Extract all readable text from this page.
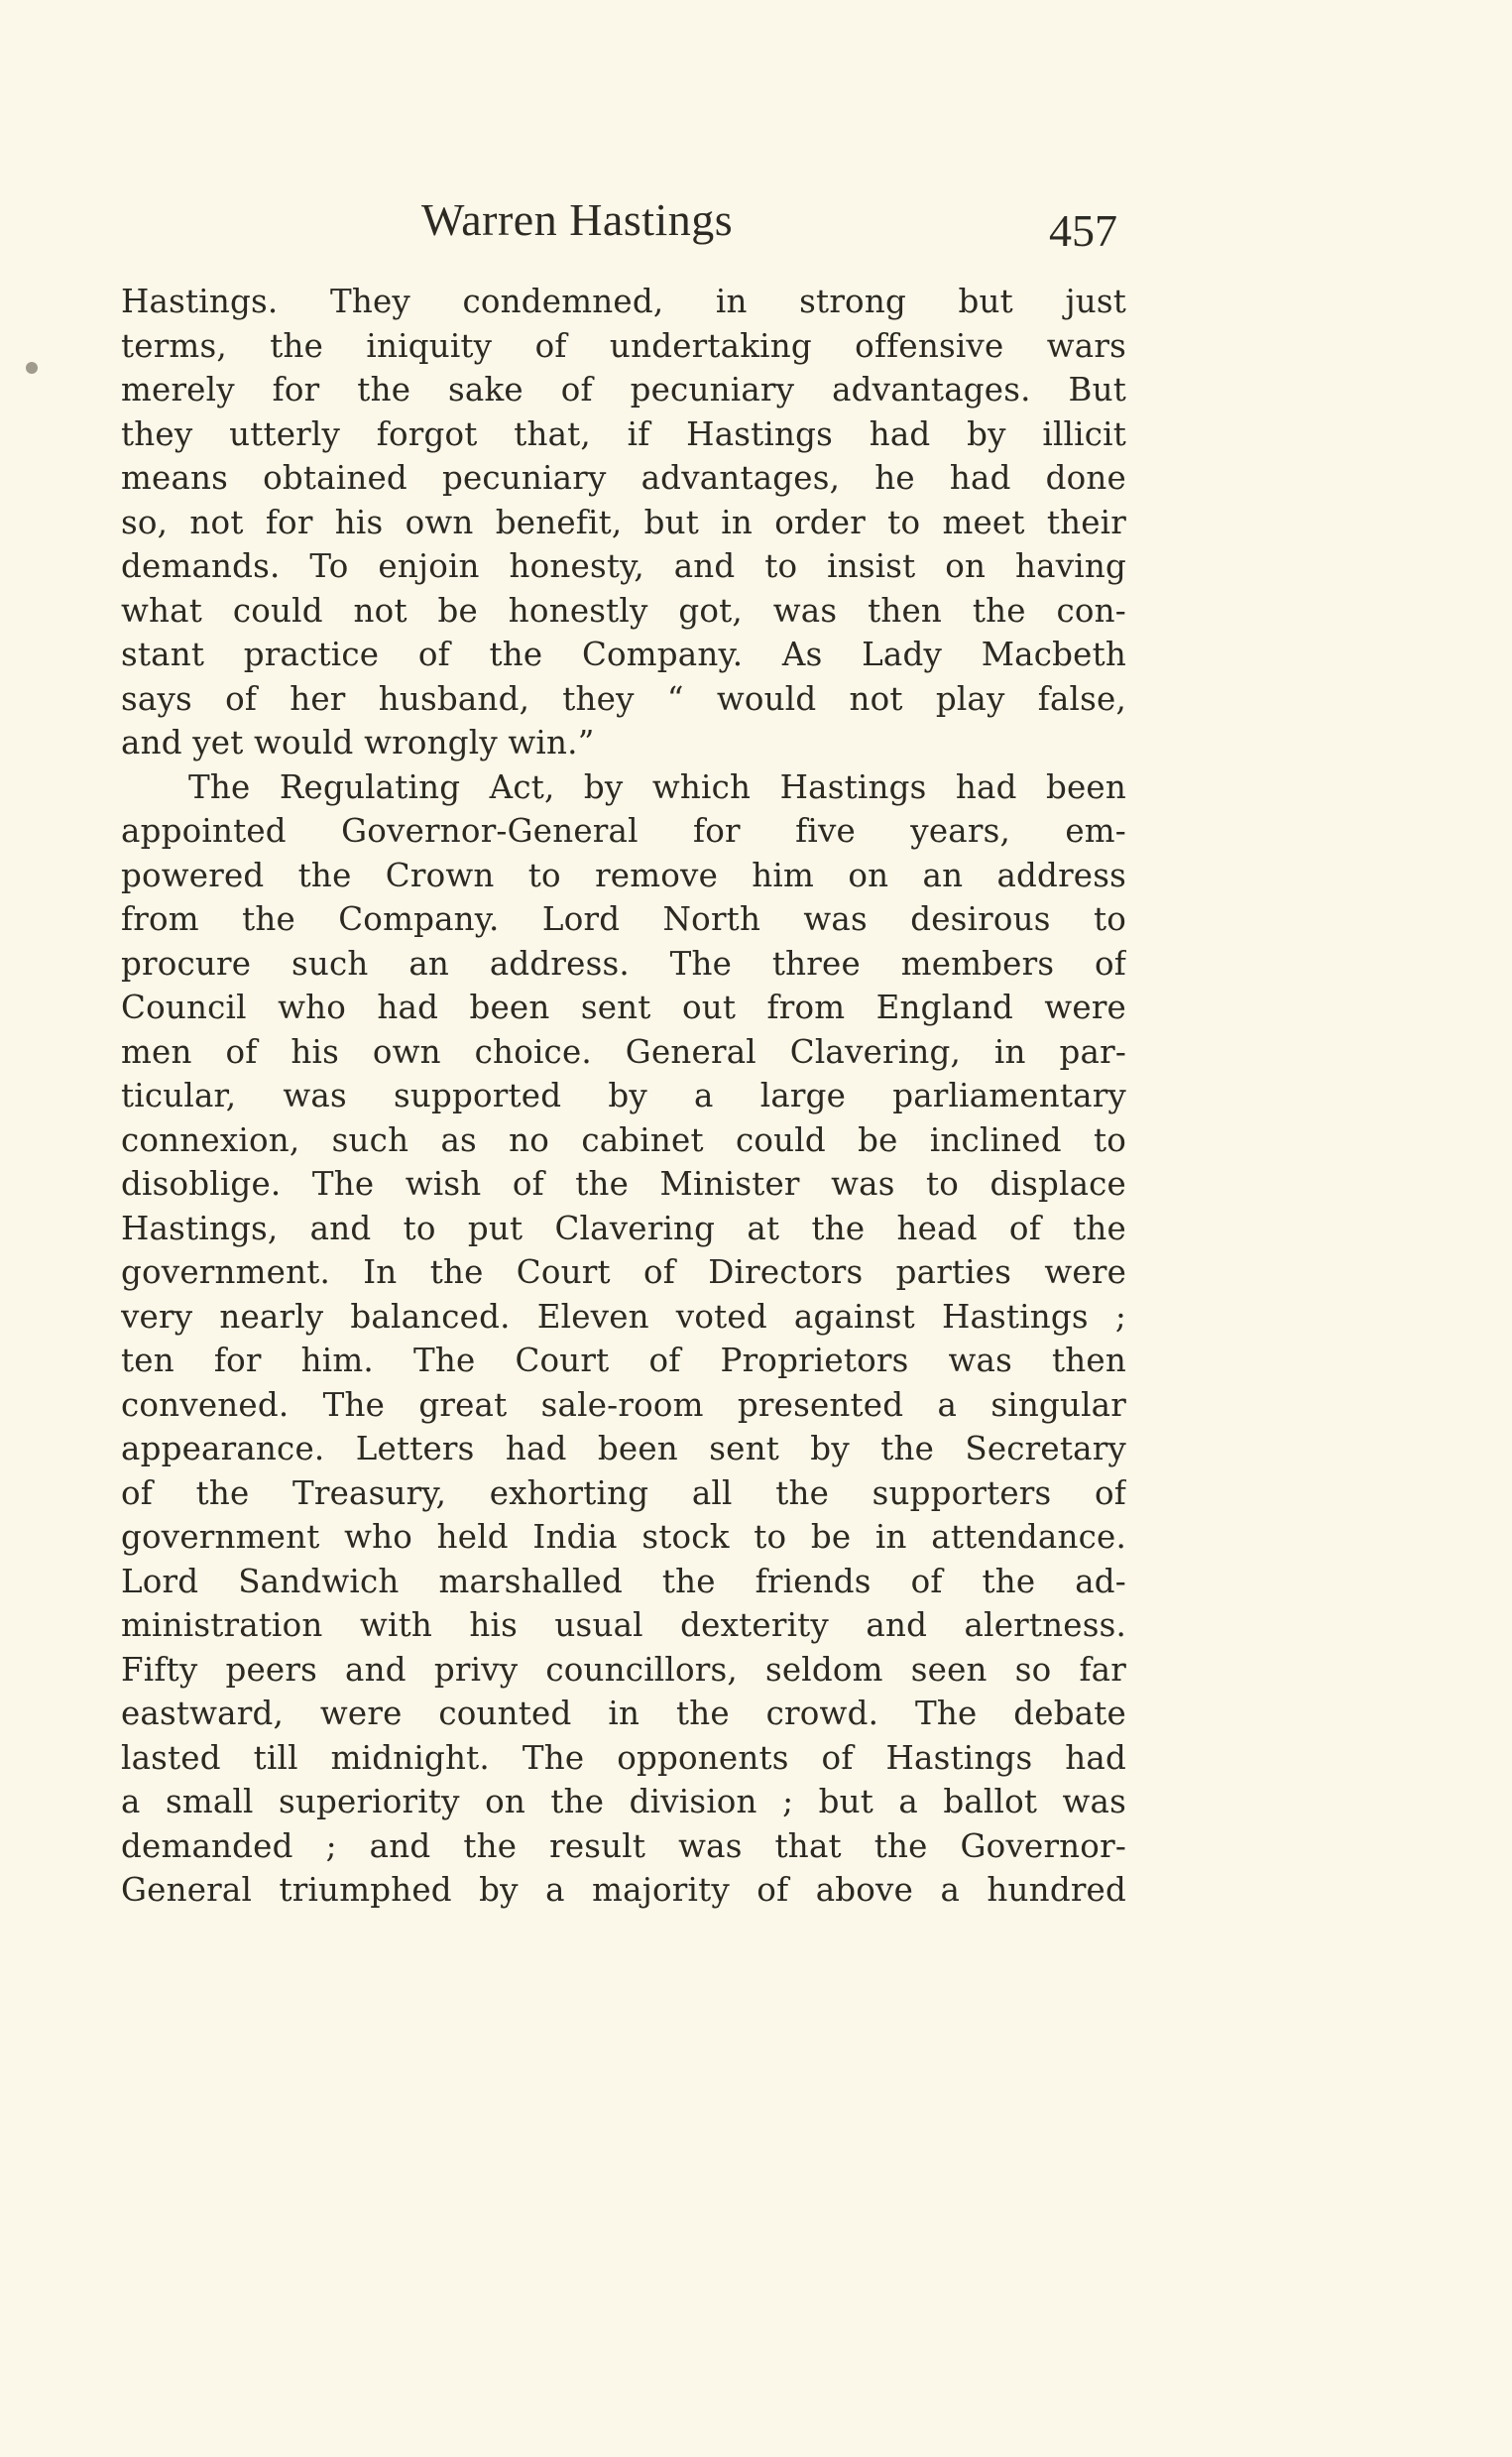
Warren Hastings	457
Hastings. They condemned, in strong but just
terms, the iniquity of undertaking offensive wars
merely for the sake of pecuniary advantages. But
they utterly forgot that, if Hastings had by illicit
means obtained pecuniary advantages, he had done
so, not for his own benefit, but in order to meet their
demands. To enjoin honesty, and to insist on having
what could not be honestly got, was then the con-
stant practice of the Company. As Lady Macbeth
says of her husband, they “ would not play false,
and yet would wrongly win.”
The Regulating Act, by which Hastings had been
appointed Governor-General for five years, em-
powered the Crown to remove him on an address
from the Company. Lord North was desirous to
procure such an address. The three members of
Council who had been sent out from England were
men of his own choice. General Clavering, in par-
ticular, was supported by a large parliamentary
connexion, such as no cabinet could be inclined to
disoblige. The wish of the Minister was to displace
Hastings, and to put Clavering at the head of the
government. In the Court of Directors parties were
very nearly balanced. Eleven voted against Hastings ;
ten for him. The Court of Proprietors was then
convened. The great sale-room presented a singular
appearance. Letters had been sent by the Secretary
of the Treasury, exhorting all the supporters of
government who held India stock to be in attendance.
Lord Sandwich marshalled the friends of the ad-
ministration with his usual dexterity and alertness.
Fifty peers and privy councillors, seldom seen so far
eastward, were counted in the crowd. The debate
lasted till midnight. The opponents of Hastings had
a small superiority on the division ; but a ballot was
demanded ; and the result was that the Governor-
General triumphed by a majority of above a hundred
